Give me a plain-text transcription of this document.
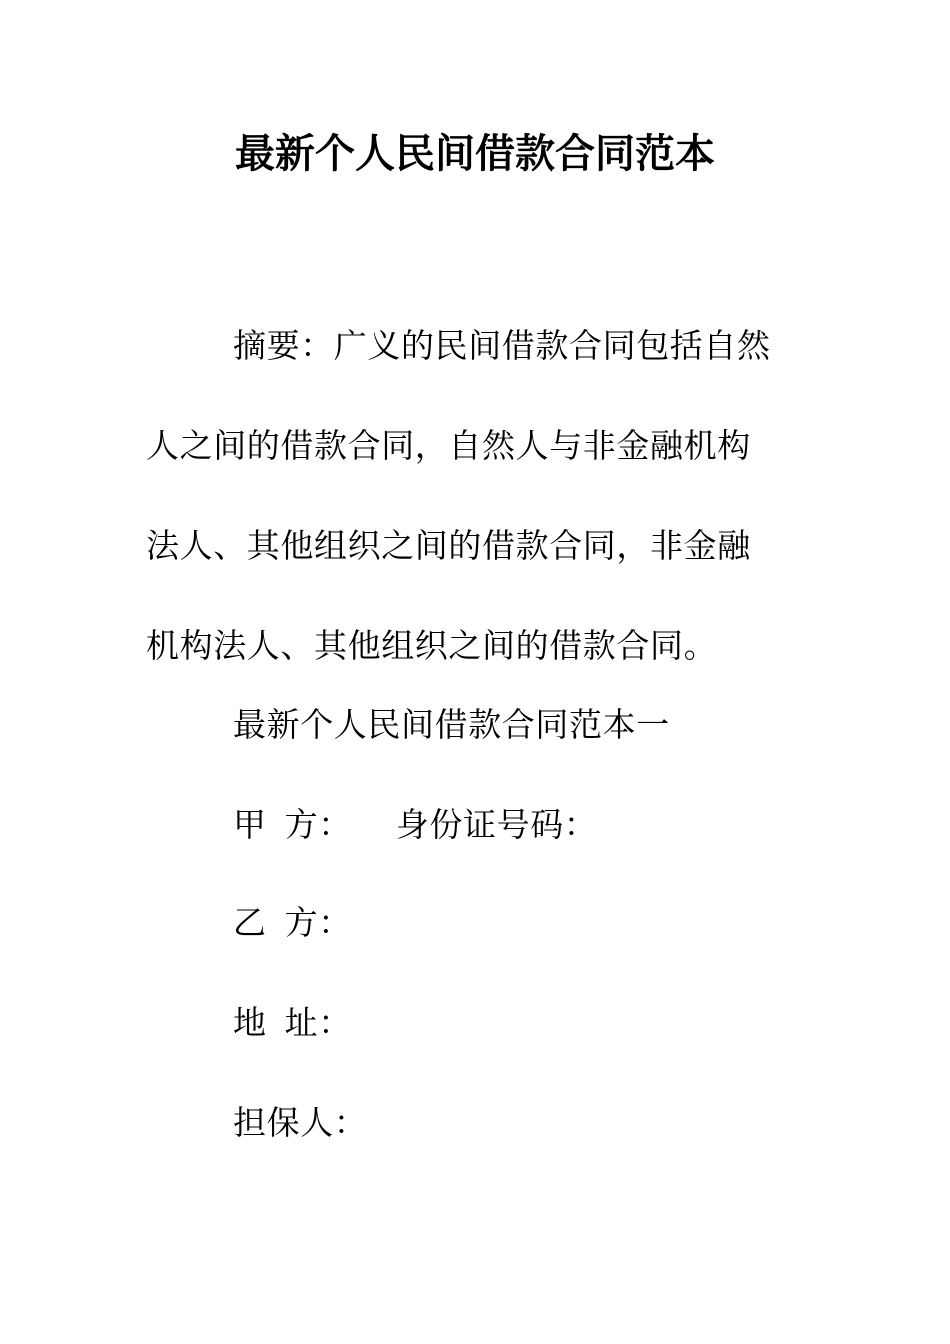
最新个人民间借款合同范本
摘要：广义的民间借款合同包括自然
人之间的借款合同，自然人与非金融机构
法人、其他组织之间的借款合同，非金融
机构法人、其他组织之间的借款合同。
最新个人民间借款合同范本一
甲 方： 身份证号码：
乙 方：
地 址：
担保人：
